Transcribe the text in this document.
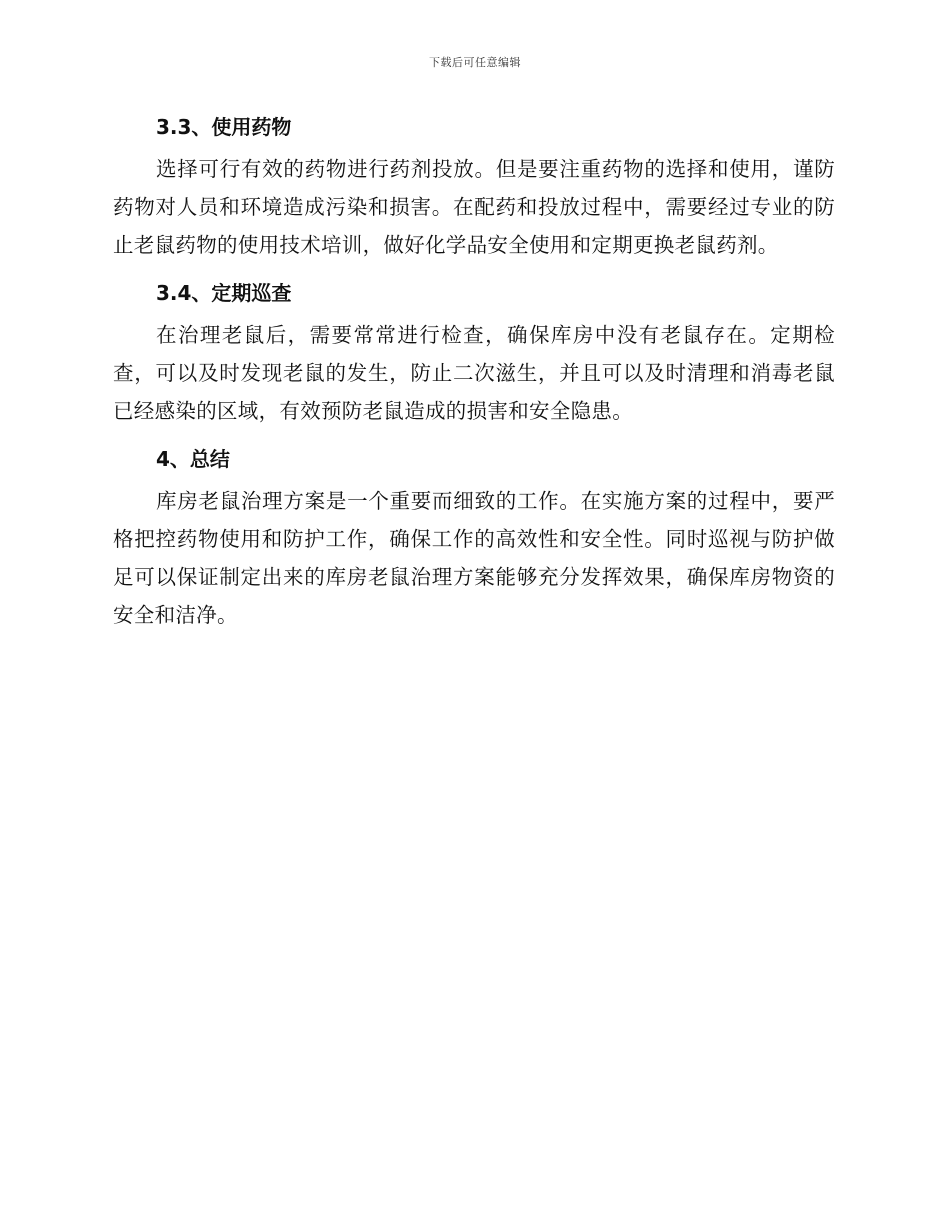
下载后可任意编辑
3.3、使用药物

选择可行有效的药物进行药剂投放。但是要注重药物的选择和使用，谨防药物对人员和环境造成污染和损害。在配药和投放过程中，需要经过专业的防止老鼠药物的使用技术培训，做好化学品安全使用和定期更换老鼠药剂。

3.4、定期巡查

在治理老鼠后，需要常常进行检查，确保库房中没有老鼠存在。定期检查，可以及时发现老鼠的发生，防止二次滋生，并且可以及时清理和消毒老鼠已经感染的区域，有效预防老鼠造成的损害和安全隐患。

4、总结

库房老鼠治理方案是一个重要而细致的工作。在实施方案的过程中，要严格把控药物使用和防护工作，确保工作的高效性和安全性。同时巡视与防护做足可以保证制定出来的库房老鼠治理方案能够充分发挥效果，确保库房物资的安全和洁净。
